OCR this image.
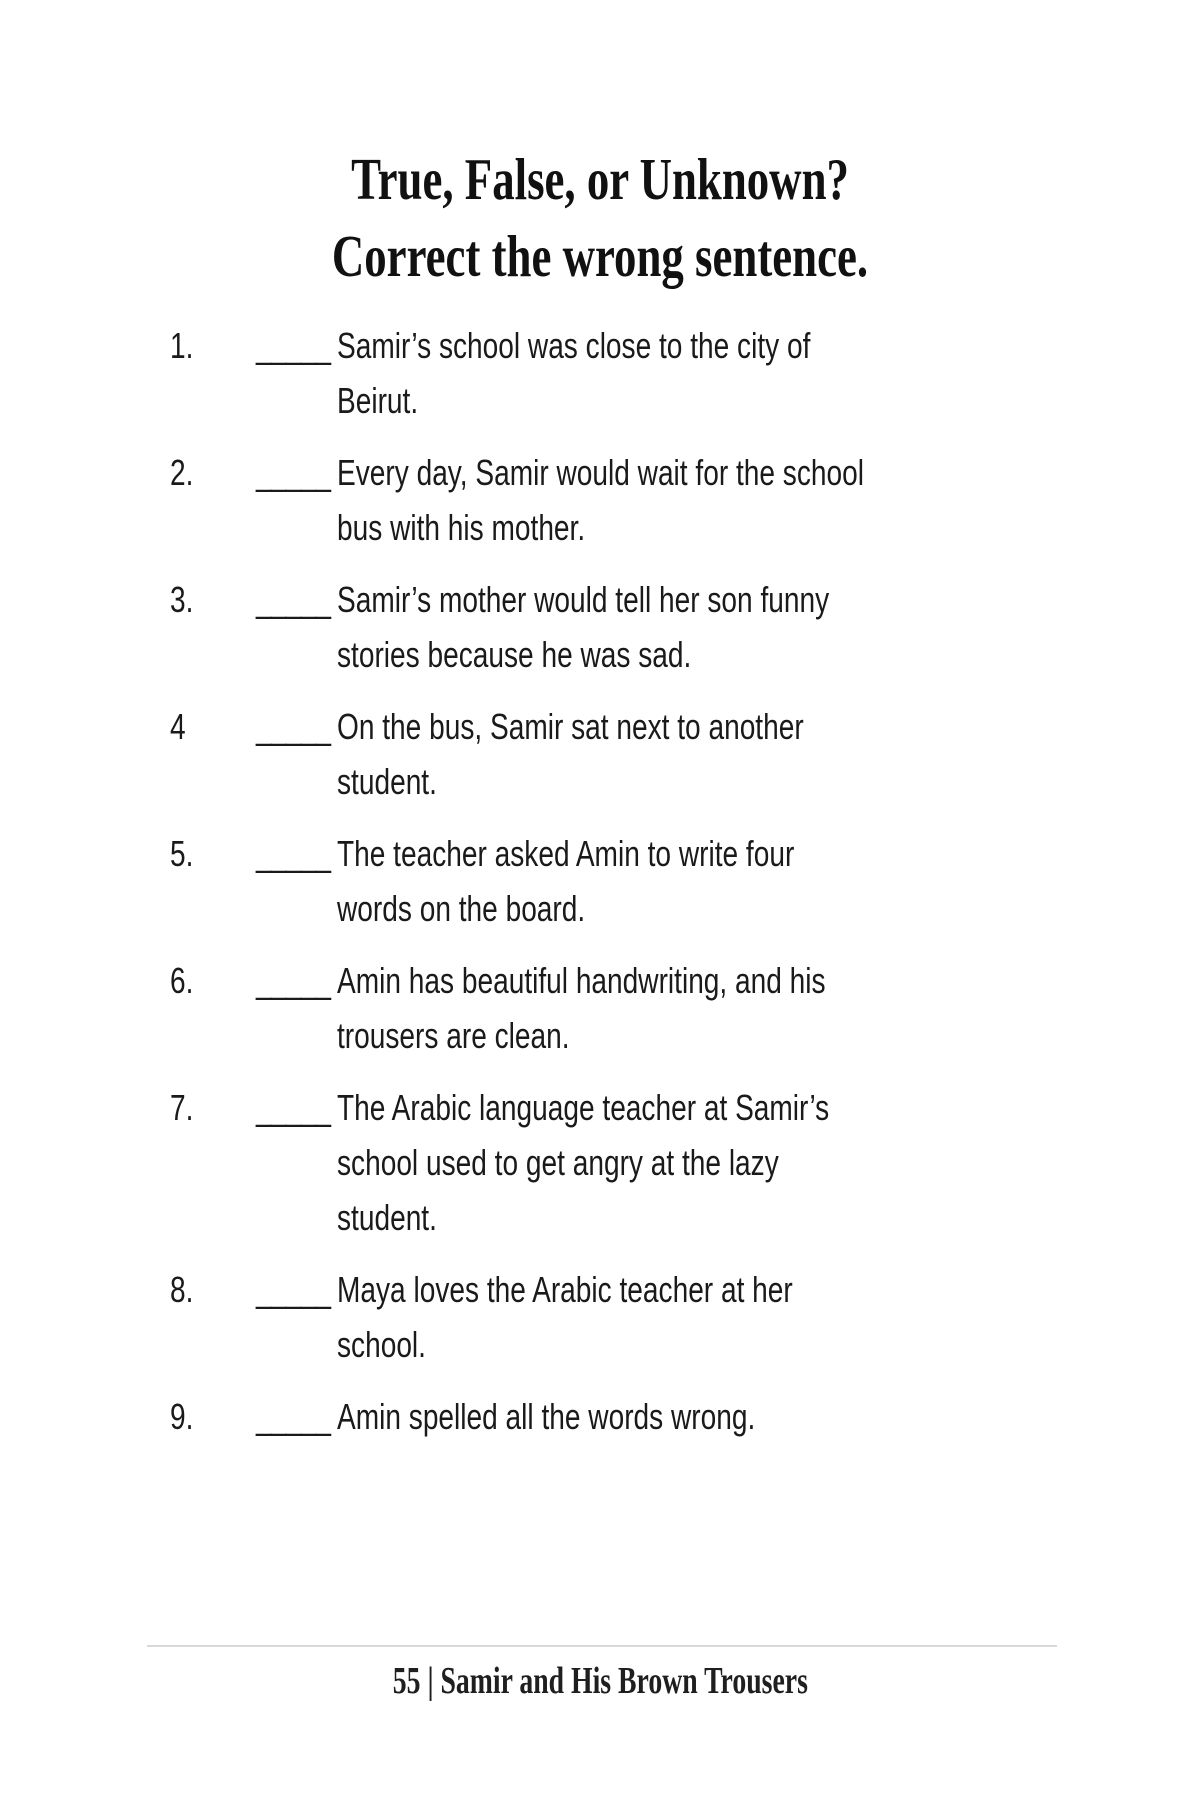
True, False, or Unknown?
Correct the wrong sentence.
1.	_____ Samir’s school was close to the city of
Beirut.
2.	_____ Every day, Samir would wait for the school
bus with his mother.
3.	_____ Samir’s mother would tell her son funny
stories because he was sad.
4	_____ On the bus, Samir sat next to another
student.
5.	_____ The teacher asked Amin to write four
words on the board.
6.	_____ Amin has beautiful handwriting, and his
trousers are clean.
7.	_____ The Arabic language teacher at Samir’s
school used to get angry at the lazy
student.
8.	_____ Maya loves the Arabic teacher at her
school.
9.	_____ Amin spelled all the words wrong.
55 | Samir and His Brown Trousers
